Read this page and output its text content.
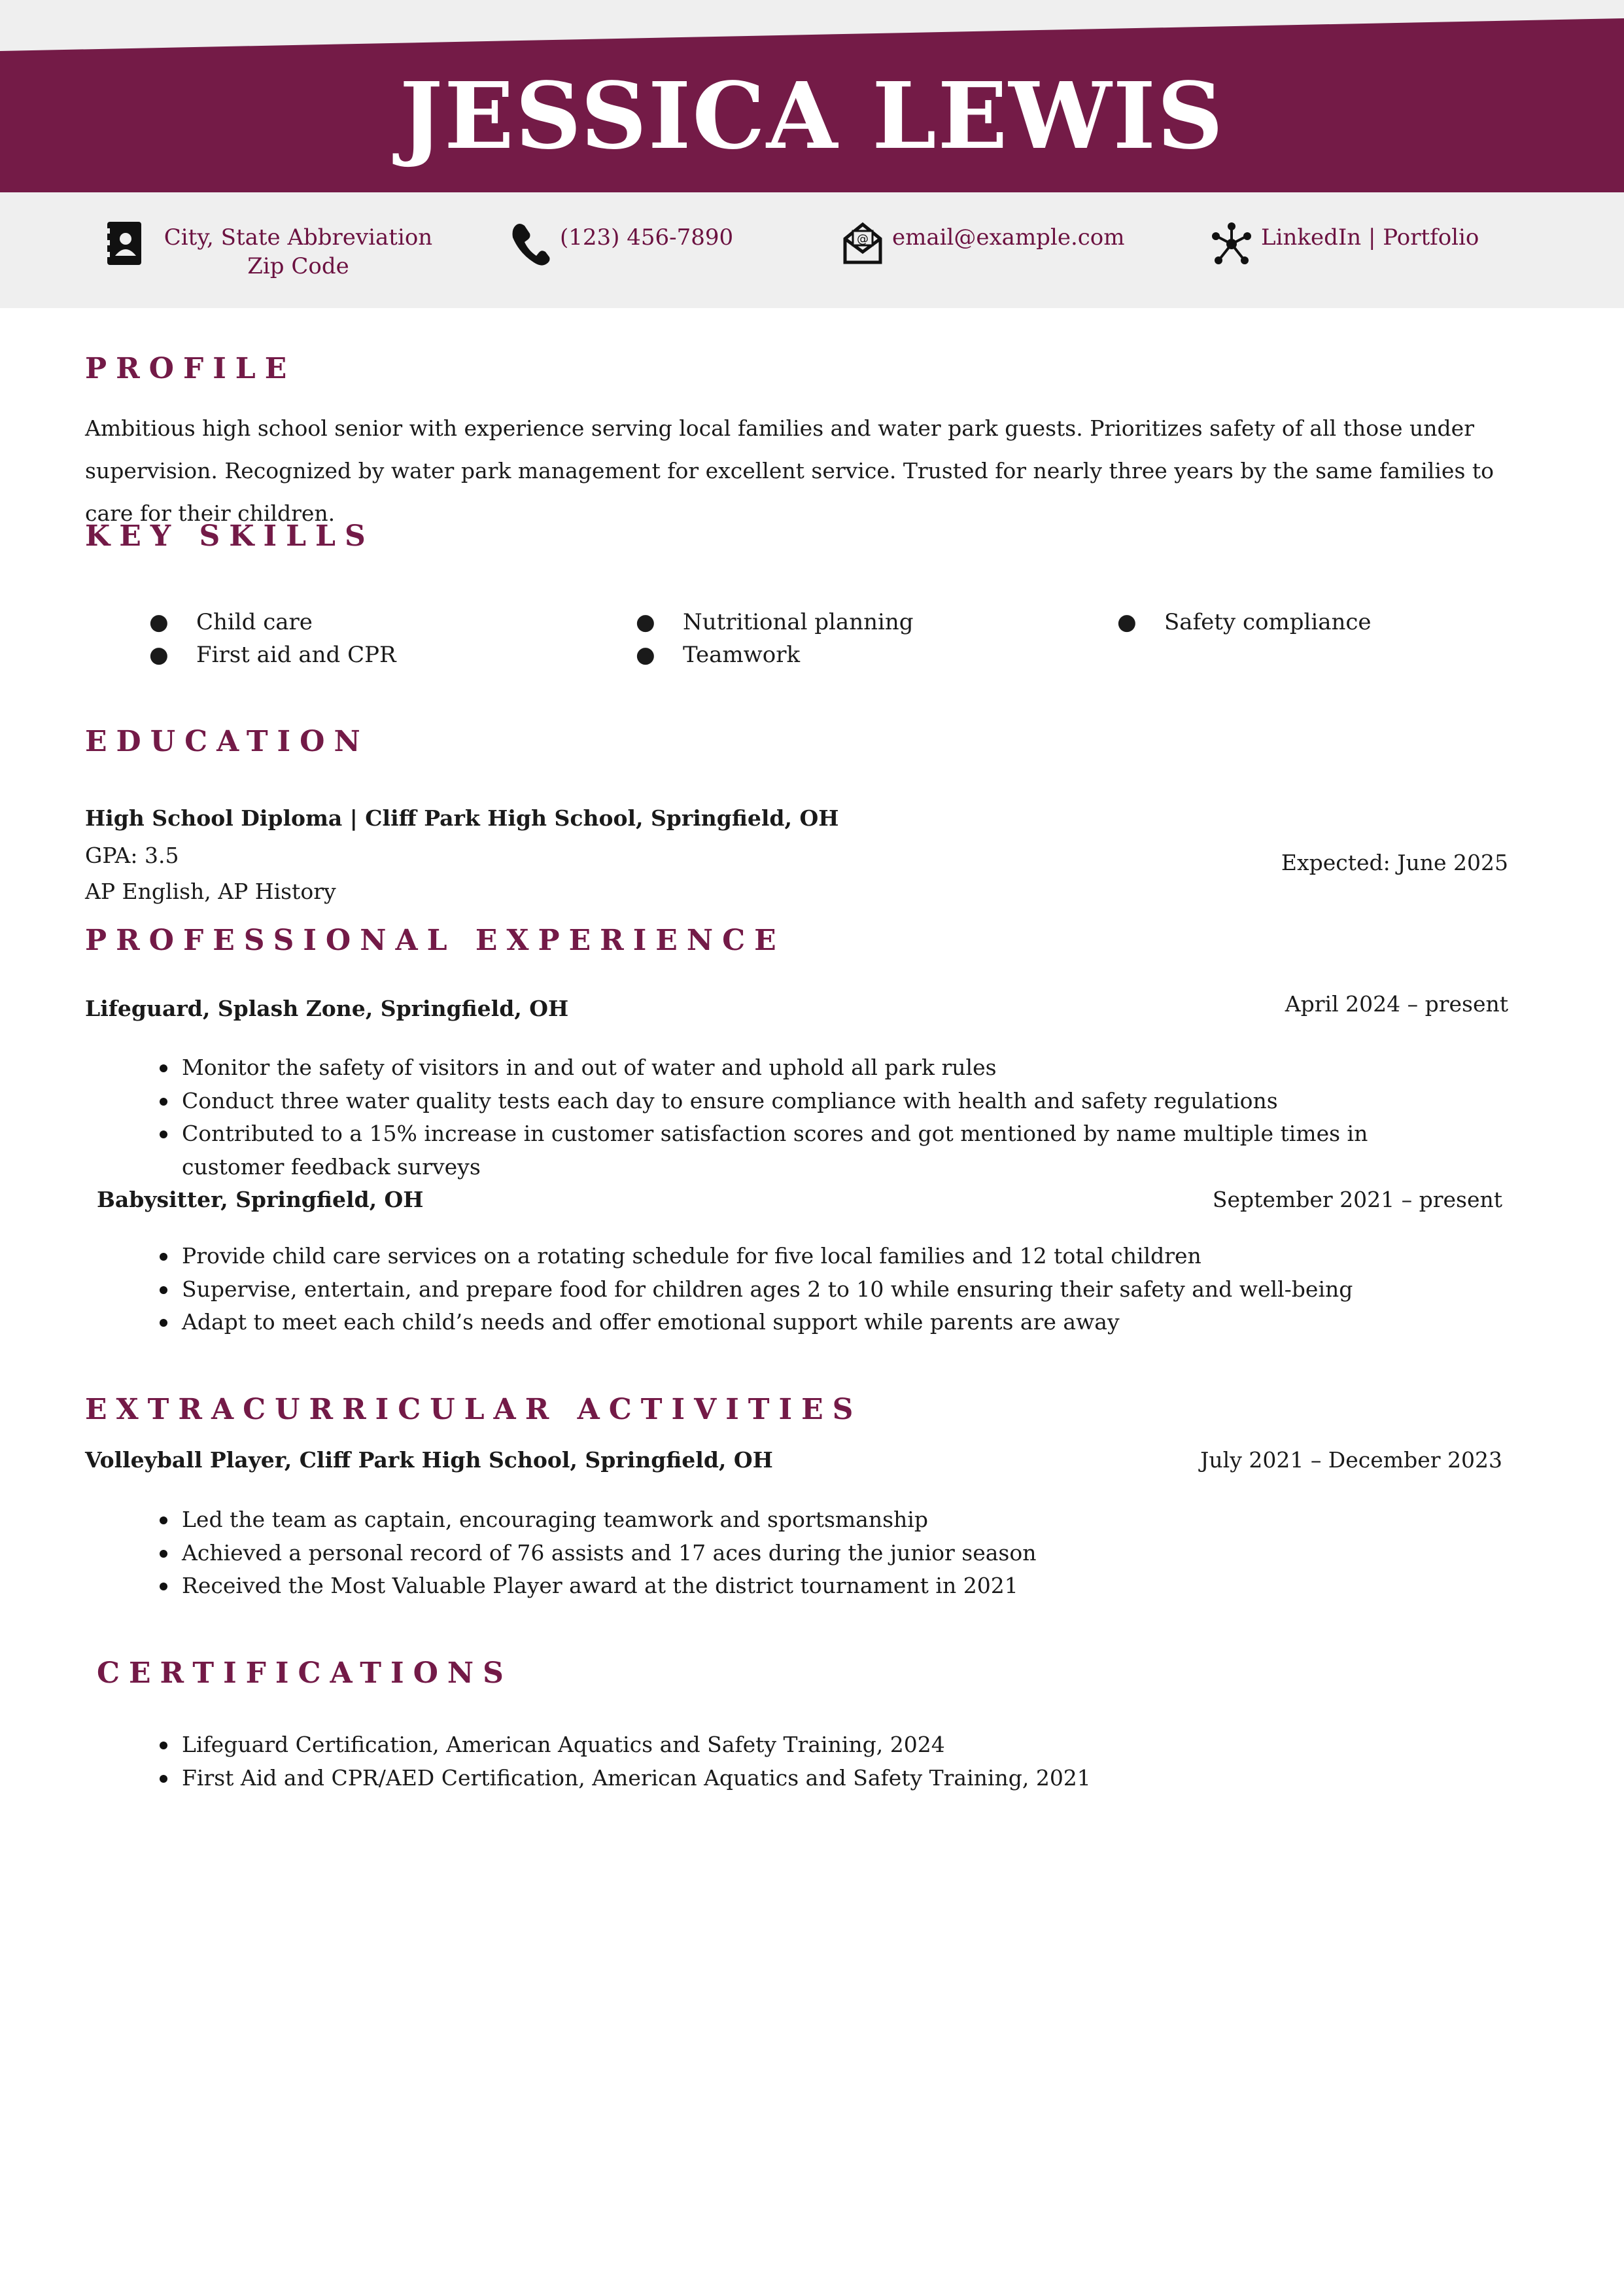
JESSICA LEWIS
City, State Abbreviation Zip Code
(123) 456-7890	@ email@example.com	LinkedIn | Portfolio
PROFILE

Ambitious high school senior with experience serving local families and water park guests. Prioritizes safety of all those under supervision. Recognized by water park management for excellent service. Trusted for nearly three years by the same families to care for their children.

KEY SKILLS
● Child care
● First aid and CPR
● Nutritional planning
● Teamwork
● Safety compliance
EDUCATION

High School Diploma | Cliff Park High School, Springfield, OH

GPA: 3.5

AP English, AP History

Expected: June 2025

PROFESSIONAL EXPERIENCE

Lifeguard, Splash Zone, Springfield, OH	April 2024 – present

Monitor the safety of visitors in and out of water and uphold all park rules
Conduct three water quality tests each day to ensure compliance with health and safety regulations
Contributed to a 15% increase in customer satisfaction scores and got mentioned by name multiple times in customer feedback surveys

Babysitter, Springfield, OH	September 2021 – present

Provide child care services on a rotating schedule for five local families and 12 total children
Supervise, entertain, and prepare food for children ages 2 to 10 while ensuring their safety and well-being
Adapt to meet each child’s needs and offer emotional support while parents are away
EXTRACURRICULAR ACTIVITIES

Volleyball Player, Cliff Park High School, Springfield, OH	July 2021 – December 2023

Led the team as captain, encouraging teamwork and sportsmanship
Achieved a personal record of 76 assists and 17 aces during the junior season
Received the Most Valuable Player award at the district tournament in 2021
CERTIFICATIONS
Lifeguard Certification, American Aquatics and Safety Training, 2024
First Aid and CPR/AED Certification, American Aquatics and Safety Training, 2021
